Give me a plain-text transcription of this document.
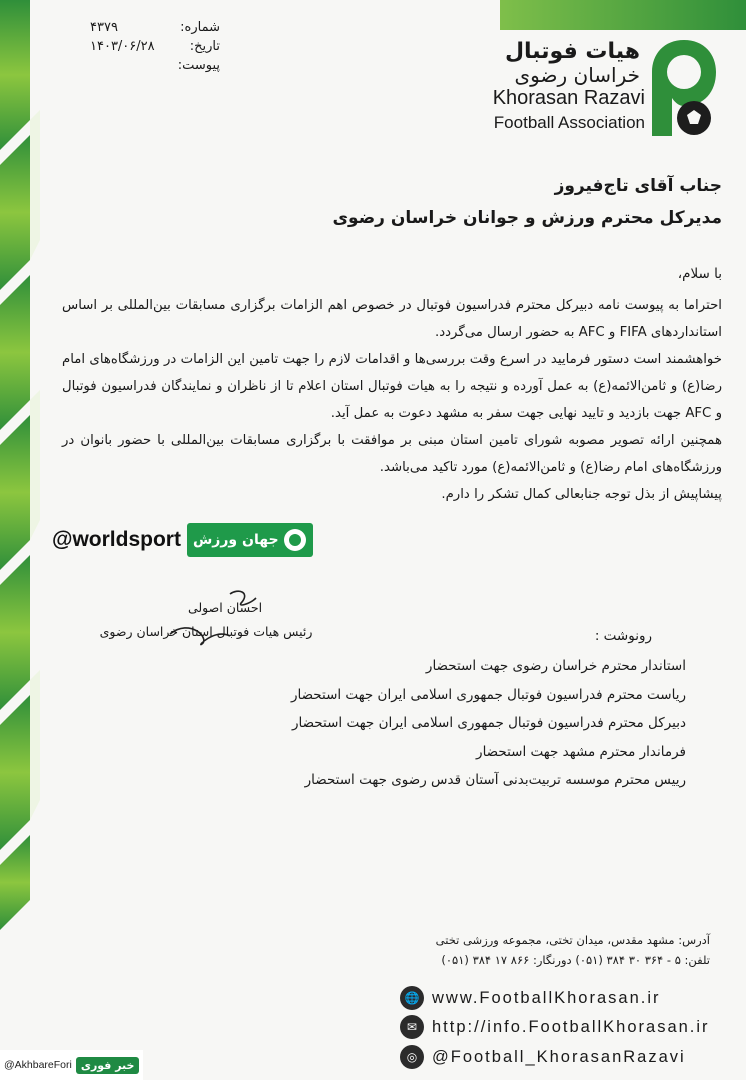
شماره:
۴۳۷۹
تاریخ:
۱۴۰۳/۰۶/۲۸
پیوست:
هیات فوتبال
خراسان رضوی
Khorasan Razavi
Football Association
جناب آقای تاج‌فیروز
مدیرکل محترم ورزش و جوانان خراسان رضوی
با سلام،

احتراما به پیوست نامه دبیرکل محترم فدراسیون فوتبال در خصوص اهم الزامات برگزاری مسابقات بین‌المللی بر اساس استانداردهای FIFA و AFC به حضور ارسال می‌گردد.

خواهشمند است دستور فرمایید در اسرع وقت بررسی‌ها و اقدامات لازم را جهت تامین این الزامات در ورزشگاه‌های امام رضا(ع) و ثامن‌الائمه(ع) به عمل آورده و نتیجه را به هیات فوتبال استان اعلام تا از ناظران و نمایندگان فدراسیون فوتبال و AFC جهت بازدید و تایید نهایی جهت سفر به مشهد دعوت به عمل آید.

همچنین ارائه تصویر مصوبه شورای تامین استان مبنی بر موافقت با برگزاری مسابقات بین‌المللی با حضور بانوان در ورزشگاه‌های امام رضا(ع) و ثامن‌الائمه(ع) مورد تاکید می‌باشد.

پیشاپیش از بذل توجه جنابعالی کمال تشکر را دارم.

@worldsport جهان ورزش
احسان اصولی
رئیس هیات فوتبال استان خراسان رضوی	رونوشت :
استاندار محترم خراسان رضوی جهت استحضار
ریاست محترم فدراسیون فوتبال جمهوری اسلامی ایران جهت استحضار
دبیرکل محترم فدراسیون فوتبال جمهوری اسلامی ایران جهت استحضار
فرماندار محترم مشهد جهت استحضار
رییس محترم موسسه تربیت‌بدنی آستان قدس رضوی جهت استحضار
آدرس: مشهد مقدس، میدان تختی، مجموعه ورزشی تختی
تلفن: ۵ - ۳۶۴ ۳۰ ۳۸۴ (۰۵۱) دورنگار: ۸۶۶ ۱۷ ۳۸۴ (۰۵۱)
🌐 www.FootballKhorasan.ir
✉ http://info.FootballKhorasan.ir
◎ @Football_KhorasanRazavi
@AkhbareFori خبر فوری
